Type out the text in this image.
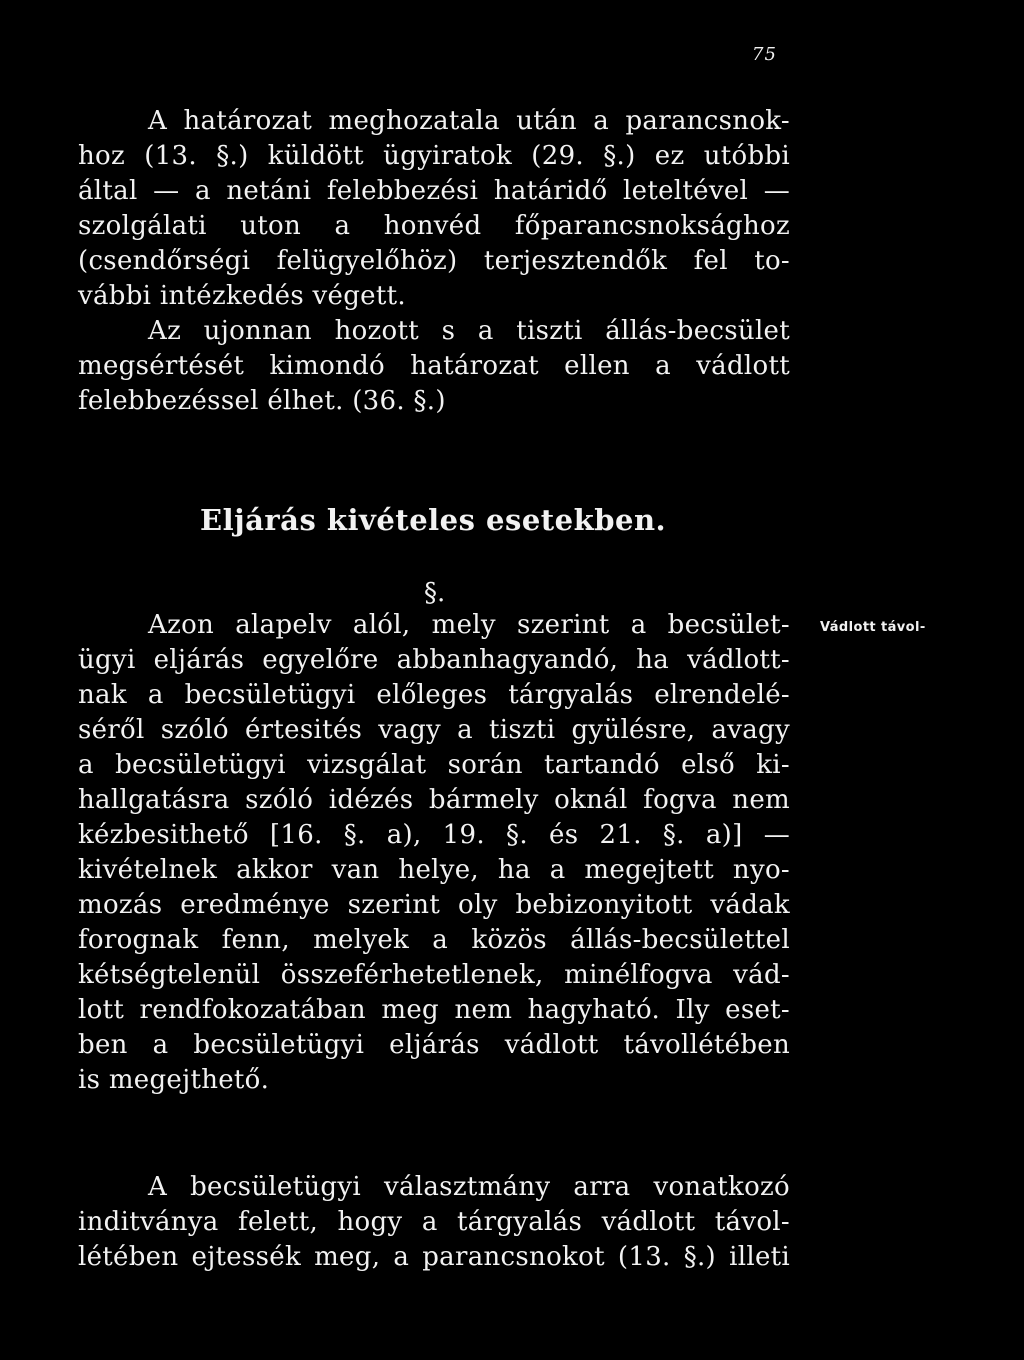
75
A határozat meghozatala után a parancsnok-
hoz (13. §.) küldött ügyiratok (29. §.) ez utóbbi
által — a netáni felebbezési határidő leteltével —
szolgálati uton a honvéd főparancsnoksághoz
(csendőrségi felügyelőhöz) terjesztendők fel to-
vábbi intézkedés végett.
Az ujonnan hozott s a tiszti állás-becsület
megsértését kimondó határozat ellen a vádlott
felebbezéssel élhet. (36. §.)
Eljárás kivételes esetekben.
§.
Vádlott távol-
Azon alapelv alól, mely szerint a becsület-
ügyi eljárás egyelőre abbanhagyandó, ha vádlott-
nak a becsületügyi előleges tárgyalás elrendelé-
séről szóló értesités vagy a tiszti gyülésre, avagy
a becsületügyi vizsgálat során tartandó első ki-
hallgatásra szóló idézés bármely oknál fogva nem
kézbesithető [16. §. a), 19. §. és 21. §. a)] —
kivételnek akkor van helye, ha a megejtett nyo-
mozás eredménye szerint oly bebizonyitott vádak
forognak fenn, melyek a közös állás-becsülettel
kétségtelenül összeférhetetlenek, minélfogva vád-
lott rendfokozatában meg nem hagyható. Ily eset-
ben a becsületügyi eljárás vádlott távollétében
is megejthető.
A becsületügyi választmány arra vonatkozó
inditványa felett, hogy a tárgyalás vádlott távol-
létében ejtessék meg, a parancsnokot (13. §.) illeti
